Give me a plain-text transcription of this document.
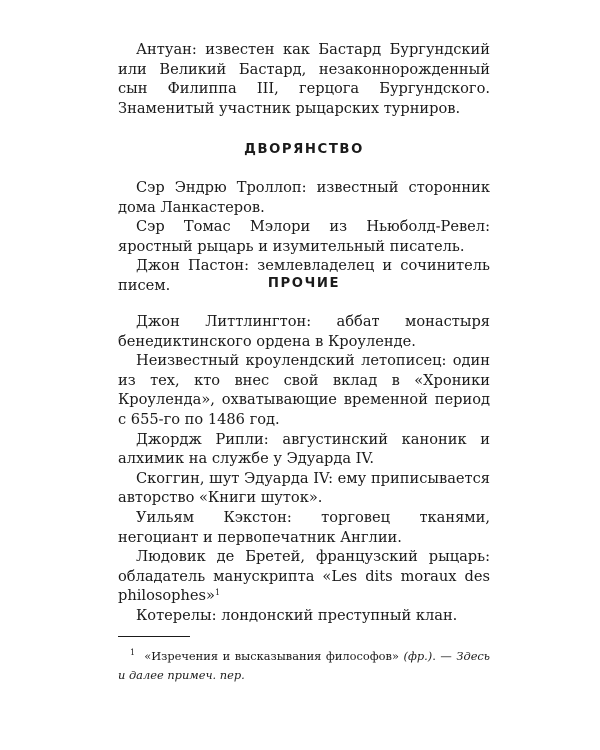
Антуан: известен как Бастард Бургундский или Великий Бастард, незаконнорожденный сын Филиппа III, герцога Бургундского. Знаменитый участник рыцарских турниров.

ДВОРЯНСТВО

Сэр Эндрю Троллоп: известный сторонник дома Ланкастеров.

Сэр Томас Мэлори из Ньюболд-Ревел: яростный рыцарь и изумительный писатель.

Джон Пастон: землевладелец и сочинитель писем.	ПРОЧИЕ

Джон Литтлингтон: аббат монастыря бенедиктинского ордена в Кроуленде.

Неизвестный кроулендский летописец: один из тех, кто внес свой вклад в «Хроники Кроуленда», охватывающие временной период с 655-го по 1486 год.

Джордж Рипли: августинский каноник и алхимик на службе у Эдуарда IV.

Скоггин, шут Эдуарда IV: ему приписывается авторство «Книги шуток».

Уильям Кэкстон: торговец тканями, негоциант и первопечатник Англии.

Людовик де Бретей, французский рыцарь: обладатель манускрипта «Les dits moraux des philosophes»$^1$

Котерелы: лондонский преступный клан.

$^1$ «Изречения и высказывания философов» (фр.). — Здесь и далее примеч. пер.
